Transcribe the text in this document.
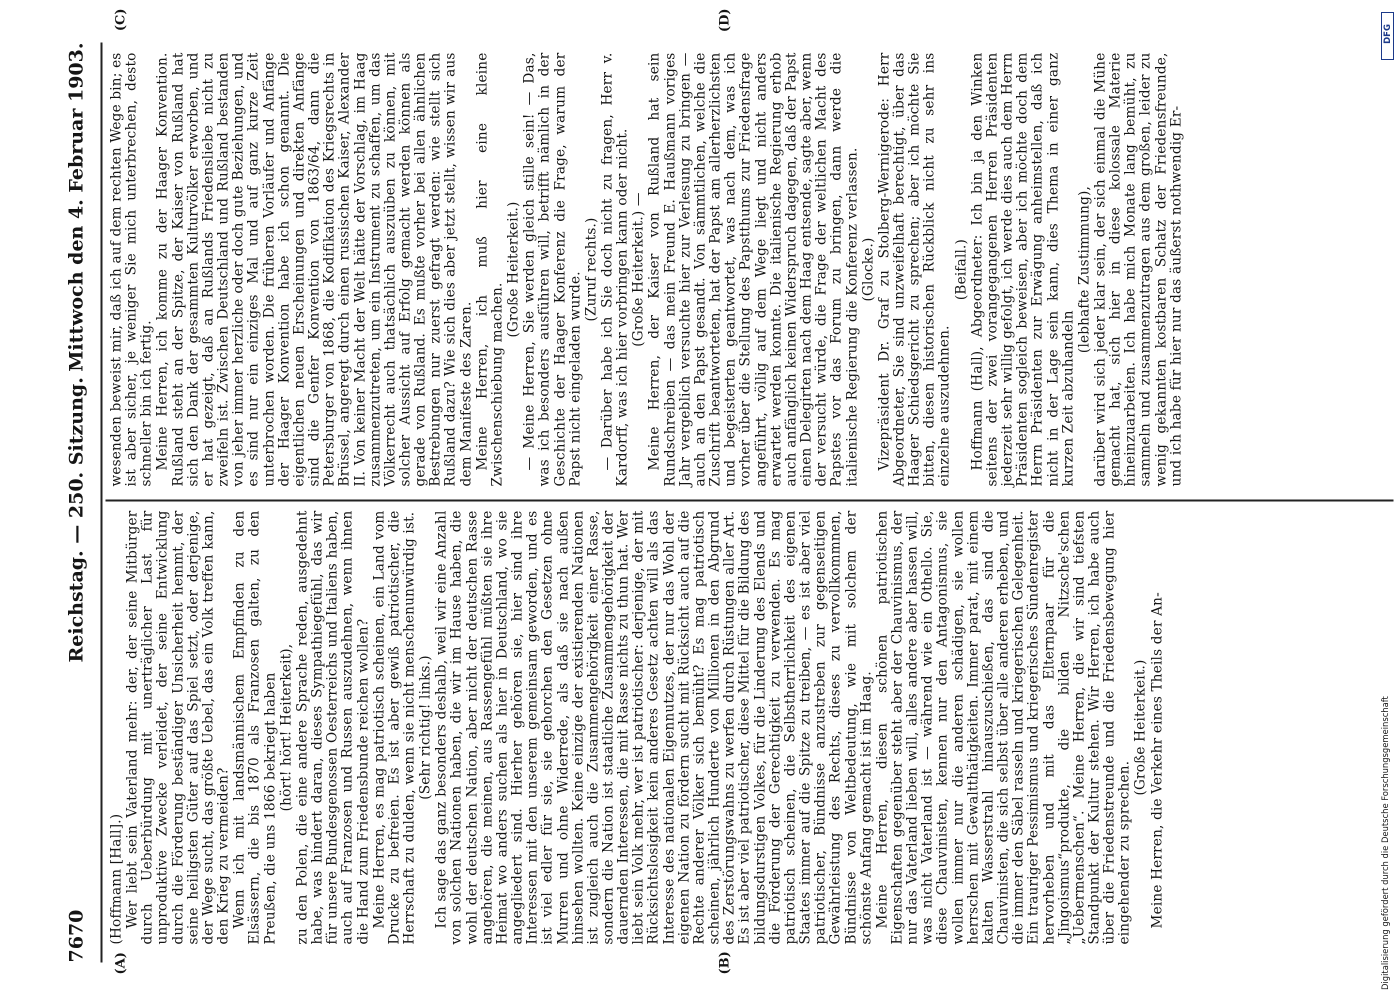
7670
Reichstag. — 250. Sitzung.
Mittwoch den 4. Februar 1903.
(A)	(B)
(C)	(D)

(Hoffmann [Hall].) Wer liebt sein Vaterland mehr: der, der seine Mitbürger durch Ueberbürdung mit unerträglicher Last für unproduktive Zwecke verleidet, der seine Entwicklung durch die Förderung beständiger Unsicherheit hemmt, der seine heiligsten Güter auf das Spiel setzt, oder derjenige, der Wege sucht, das größte Uebel, das ein Volk treffen kann, den Krieg zu vermeiden? Wenn ich mit landsmännischem Empfinden zu den Elsässern, die bis 1870 als Franzosen galten, zu den Preußen, die uns 1866 bekriegt haben (hört! hört! Heiterkeit), zu den Polen, die eine andere Sprache reden, ausgedehnt habe, was hindert daran, dieses Sympathiegefühl, das wir für unsere Bundesgenossen Oesterreichs und Italiens haben, auch auf Franzosen und Russen auszudehnen, wenn ihnen die Hand zum Friedensbunde reichen wollen? Meine Herren, es mag patriotisch scheinen, ein Land vom Drucke zu befreien. Es ist aber gewiß patriotischer, die Herrschaft zu dulden, wenn sie nicht menschenunwürdig ist. (Sehr richtig! links.) Ich sage das ganz besonders deshalb, weil wir eine Anzahl von solchen Nationen haben, die wir im Hause haben, die wohl der deutschen Nation, aber nicht der deutschen Rasse angehören, die meinen, aus Rassengefühl müßten sie ihre Heimat wo anders suchen als hier in Deutschland, wo sie angegliedert sind. Hierher gehören sie, hier sind ihre Interessen mit den unserem gemeinsam geworden, und es ist viel edler für sie, sie gehorchen den Gesetzen ohne Murren und ohne Widerrede, als daß sie nach außen hinsehen wollten. Keine einzige der existierenden Nationen ist zugleich auch die Zusammengehörigkeit einer Rasse, sondern die Nation ist staatliche Zusammengehörigkeit der dauernden Interessen, die mit Rasse nichts zu thun hat. Wer liebt sein Volk mehr, wer ist patriotischer: derjenige, der mit Rücksichtslosigkeit kein anderes Gesetz achten will als das Interesse des nationalen Eigennutzes, der nur das Wohl der eigenen Nation zu fördern sucht mit Rücksicht auch auf die Rechte anderer Völker sich bemüht? Es mag patriotisch scheinen, jährlich Hunderte von Millionen in den Abgrund des Zerstörungswahns zu werfen durch Rüstungen aller Art. Es ist aber viel patriotischer, diese Mittel für die Bildung des bildungsdurstigen Volkes, für die Linderung des Elends und die Förderung der Gerechtigkeit zu verwenden. Es mag patriotisch scheinen, die Selbstherrlichkeit des eigenen Staates immer auf die Spitze zu treiben, — es ist aber viel patriotischer, Bündnisse anzustreben zur gegenseitigen Gewährleistung des Rechts, dieses zu vervollkommnen, Bündnisse von Weltbedeutung, wie mit solchem der schönste Anfang gemacht ist im Haag. Meine Herren, diesen schönen patriotischen Eigenschaften gegenüber steht aber der Chauvinismus, der nur das Vaterland lieben will, alles andere aber hassen will, was nicht Vaterland ist — während wie ein Othello. Sie, diese Chauvinisten, kennen nur den Antagonismus, sie wollen immer nur die anderen schädigen, sie wollen herrschen mit Gewaltthätigkeiten. Immer parat, mit einem kalten Wasserstrahl hinauszuschießen, das sind die Chauvinisten, die sich selbst über alle anderen erheben, und die immer den Säbel rasseln und kriegerischen Gelegenheit. Ein trauriger Pessimismus und kriegerisches Sündenregister hervorheben und mit das Elternpaar für die „Jingoismus“produkte, die bilden Nitzsche'schen „Uebermenschen“. Meine Herren, die wir sind tiefsten Standpunkt der Kultur stehen. Wir Herren, ich habe auch über die Friedenstreunde und die Friedensbewegung hier eingehender zu sprechen.

(Große Heiterkeit.) Meine Herren, die Verkehr eines Theils der An-

wesenden beweist mir, daß ich auf dem rechten Wege bin; es ist aber sicher, je weniger Sie mich unterbrechen, desto schneller bin ich fertig. Meine Herren, ich komme zu der Haager Konvention. Rußland steht an der Spitze, der Kaiser von Rußland hat sich den Dank der gesammten Kulturvölker erworben, und er hat gezeigt, daß an Rußlands Friedensliebe nicht zu zweifeln ist. Zwischen Deutschland und Rußland bestanden von jeher immer herzliche oder doch gute Beziehungen, und es sind nur ein einziges Mal und auf ganz kurze Zeit unterbrochen worden. Die früheren Vorläufer und Anfänge der Haager Konvention habe ich schon genannt. Die eigentlichen neuen Erscheinungen und direkten Anfänge sind die Genfer Konvention von 1863/64, dann die Petersburger von 1868, die Kodifikation des Kriegsrechts in Brüssel, angeregt durch einen russischen Kaiser, Alexander II. Von keiner Macht der Welt hätte der Vorschlag, im Haag zusammenzutreten, um ein Instrument zu schaffen, um das Völkerrecht auch thatsächlich auszuüben zu können, mit solcher Aussicht auf Erfolg gemacht werden können als gerade von Rußland. Es mußte vorher bei allen ähnlichen Bestrebungen nur zuerst gefragt werden: wie stellt sich Rußland dazu? Wie sich dies aber jetzt stellt, wissen wir aus dem Manifeste des Zaren. Meine Herren, ich muß hier eine kleine Zwischenschiebung machen.

(Große Heiterkeit.) — Meine Herren, Sie werden gleich stille sein! — Das, was ich besonders ausführen will, betrifft nämlich in der Geschichte der Haager Konferenz die Frage, warum der Papst nicht eingeladen wurde.

(Zuruf rechts.) — Darüber habe ich Sie doch nicht zu fragen, Herr v. Kardorff, was ich hier vorbringen kann oder nicht. (Große Heiterkeit.) — Meine Herren, der Kaiser von Rußland hat sein Rundschreiben — das mein Freund E. Haußmann voriges Jahr vergeblich versuchte hier zur Verlesung zu bringen — auch an den Papst gesandt. Von sämmtlichen, welche die Zuschrift beantworteten, hat der Papst am allerherzlichsten und begeisterten geantwortet, was nach dem, was ich vorher über die Stellung des Papstthums zur Friedensfrage angeführt, völlig auf dem Wege liegt und nicht anders erwartet werden konnte. Die italienische Regierung erhob auch anfänglich keinen Widerspruch dagegen, daß der Papst einen Delegirten nach dem Haag entsende, sagte aber, wenn der versucht würde, die Frage der weltlichen Macht des Papstes vor das Forum zu bringen, dann werde die italienische Regierung die Konferenz verlassen. (Glocke.) Vizepräsident Dr. Graf zu Stolberg-Wernigerode: Herr Abgeordneter, Sie sind unzweifelhaft berechtigt, über das Haager Schiedsgericht zu sprechen; aber ich möchte Sie bitten, diesen historischen Rückblick nicht zu sehr ins einzelne auszudehnen.

(Beifall.) Hoffmann (Hall), Abgeordneter: Ich bin ja den Winken seitens der zwei vorangegangenen Herren Präsidenten jederzeit sehr willig gefolgt, ich werde dies auch dem Herrn Präsidenten sogleich beweisen, aber ich möchte doch dem Herrn Präsidenten zur Erwägung anheimstellen, daß ich nicht in der Lage sein kann, dies Thema in einer ganz kurzen Zeit abzuhandeln

(lebhafte Zustimmung), darüber wird sich jeder klar sein, der sich einmal die Mühe gemacht hat, sich hier in diese kolossale Materie hineinzuarbeiten. Ich habe mich Monate lang bemüht, zu sammeln und zusammenzutragen aus dem großen, leider zu wenig gekannten kostbaren Schatz der Friedensfreunde, und ich habe für hier nur das äußerst nothwendig Er-

Digitalisierung gefördert durch die Deutsche Forschungsgemeinschaft
DFG
